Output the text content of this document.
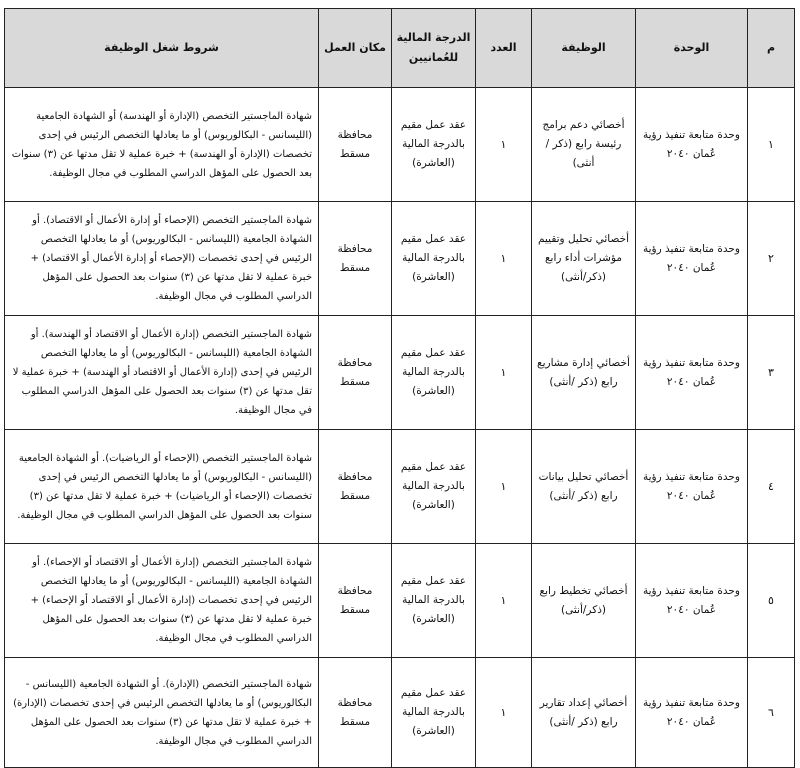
م	الوحدة	الوظيفة	العدد	الدرجة المالية للعُمانيين	مكان العمل	شروط شغل الوظيفة
١	وحدة متابعة تنفيذ رؤية عُمان ٢٠٤٠	أخصائي دعم برامج رئيسة رابع (ذكر /أنثى)	١	عقد عمل مقيم بالدرجة المالية (العاشرة)	محافظة مسقط	شهادة الماجستير التخصص (الإدارة أو الهندسة) أو الشهادة الجامعية (الليسانس - البكالوريوس) أو ما يعادلها التخصص الرئيس في إحدى تخصصات (الإدارة أو الهندسة) + خبرة عملية لا تقل مدتها عن (٣) سنوات بعد الحصول على المؤهل الدراسي المطلوب في مجال الوظيفة.
٢	وحدة متابعة تنفيذ رؤية عُمان ٢٠٤٠	أخصائي تحليل وتقييم مؤشرات أداء رابع (ذكر/أنثى)	١	عقد عمل مقيم بالدرجة المالية (العاشرة)	محافظة مسقط	شهادة الماجستير التخصص (الإحصاء أو إدارة الأعمال أو الاقتصاد). أو الشهادة الجامعية (الليسانس - البكالوريوس) أو ما يعادلها التخصص الرئيس في إحدى تخصصات (الإحصاء أو إدارة الأعمال أو الاقتصاد) + خبرة عملية لا تقل مدتها عن (٣) سنوات بعد الحصول على المؤهل الدراسي المطلوب في مجال الوظيفة.
٣	وحدة متابعة تنفيذ رؤية عُمان ٢٠٤٠	أخصائي إدارة مشاريع رابع (ذكر /أنثى)	١	عقد عمل مقيم بالدرجة المالية (العاشرة)	محافظة مسقط	شهادة الماجستير التخصص (إدارة الأعمال أو الاقتصاد أو الهندسة). أو الشهادة الجامعية (الليسانس - البكالوريوس) أو ما يعادلها التخصص الرئيس في إحدى (إدارة الأعمال أو الاقتصاد أو الهندسة) + خبرة عملية لا تقل مدتها عن (٣) سنوات بعد الحصول على المؤهل الدراسي المطلوب في مجال الوظيفة.
٤	وحدة متابعة تنفيذ رؤية عُمان ٢٠٤٠	أخصائي تحليل بيانات رابع (ذكر /أنثى)	١	عقد عمل مقيم بالدرجة المالية (العاشرة)	محافظة مسقط	شهادة الماجستير التخصص (الإحصاء أو الرياضيات). أو الشهادة الجامعية (الليسانس - البكالوريوس) أو ما يعادلها التخصص الرئيس في إحدى تخصصات (الإحصاء أو الرياضيات) + خبرة عملية لا تقل مدتها عن (٣) سنوات بعد الحصول على المؤهل الدراسي المطلوب في مجال الوظيفة.
٥	وحدة متابعة تنفيذ رؤية عُمان ٢٠٤٠	أخصائي تخطيط رابع (ذكر/أنثى)	١	عقد عمل مقيم بالدرجة المالية (العاشرة)	محافظة مسقط	شهادة الماجستير التخصص (إدارة الأعمال أو الاقتصاد أو الإحصاء). أو الشهادة الجامعية (الليسانس - البكالوريوس) أو ما يعادلها التخصص الرئيس في إحدى تخصصات (إدارة الأعمال أو الاقتصاد أو الإحصاء) + خبرة عملية لا تقل مدتها عن (٣) سنوات بعد الحصول على المؤهل الدراسي المطلوب في مجال الوظيفة.
٦	وحدة متابعة تنفيذ رؤية عُمان ٢٠٤٠	أخصائي إعداد تقارير رابع (ذكر /أنثى)	١	عقد عمل مقيم بالدرجة المالية (العاشرة)	محافظة مسقط	شهادة الماجستير التخصص (الإدارة). أو الشهادة الجامعية (الليسانس - البكالوريوس) أو ما يعادلها التخصص الرئيس في إحدى تخصصات (الإدارة) + خبرة عملية لا تقل مدتها عن (٣) سنوات بعد الحصول على المؤهل الدراسي المطلوب في مجال الوظيفة.
